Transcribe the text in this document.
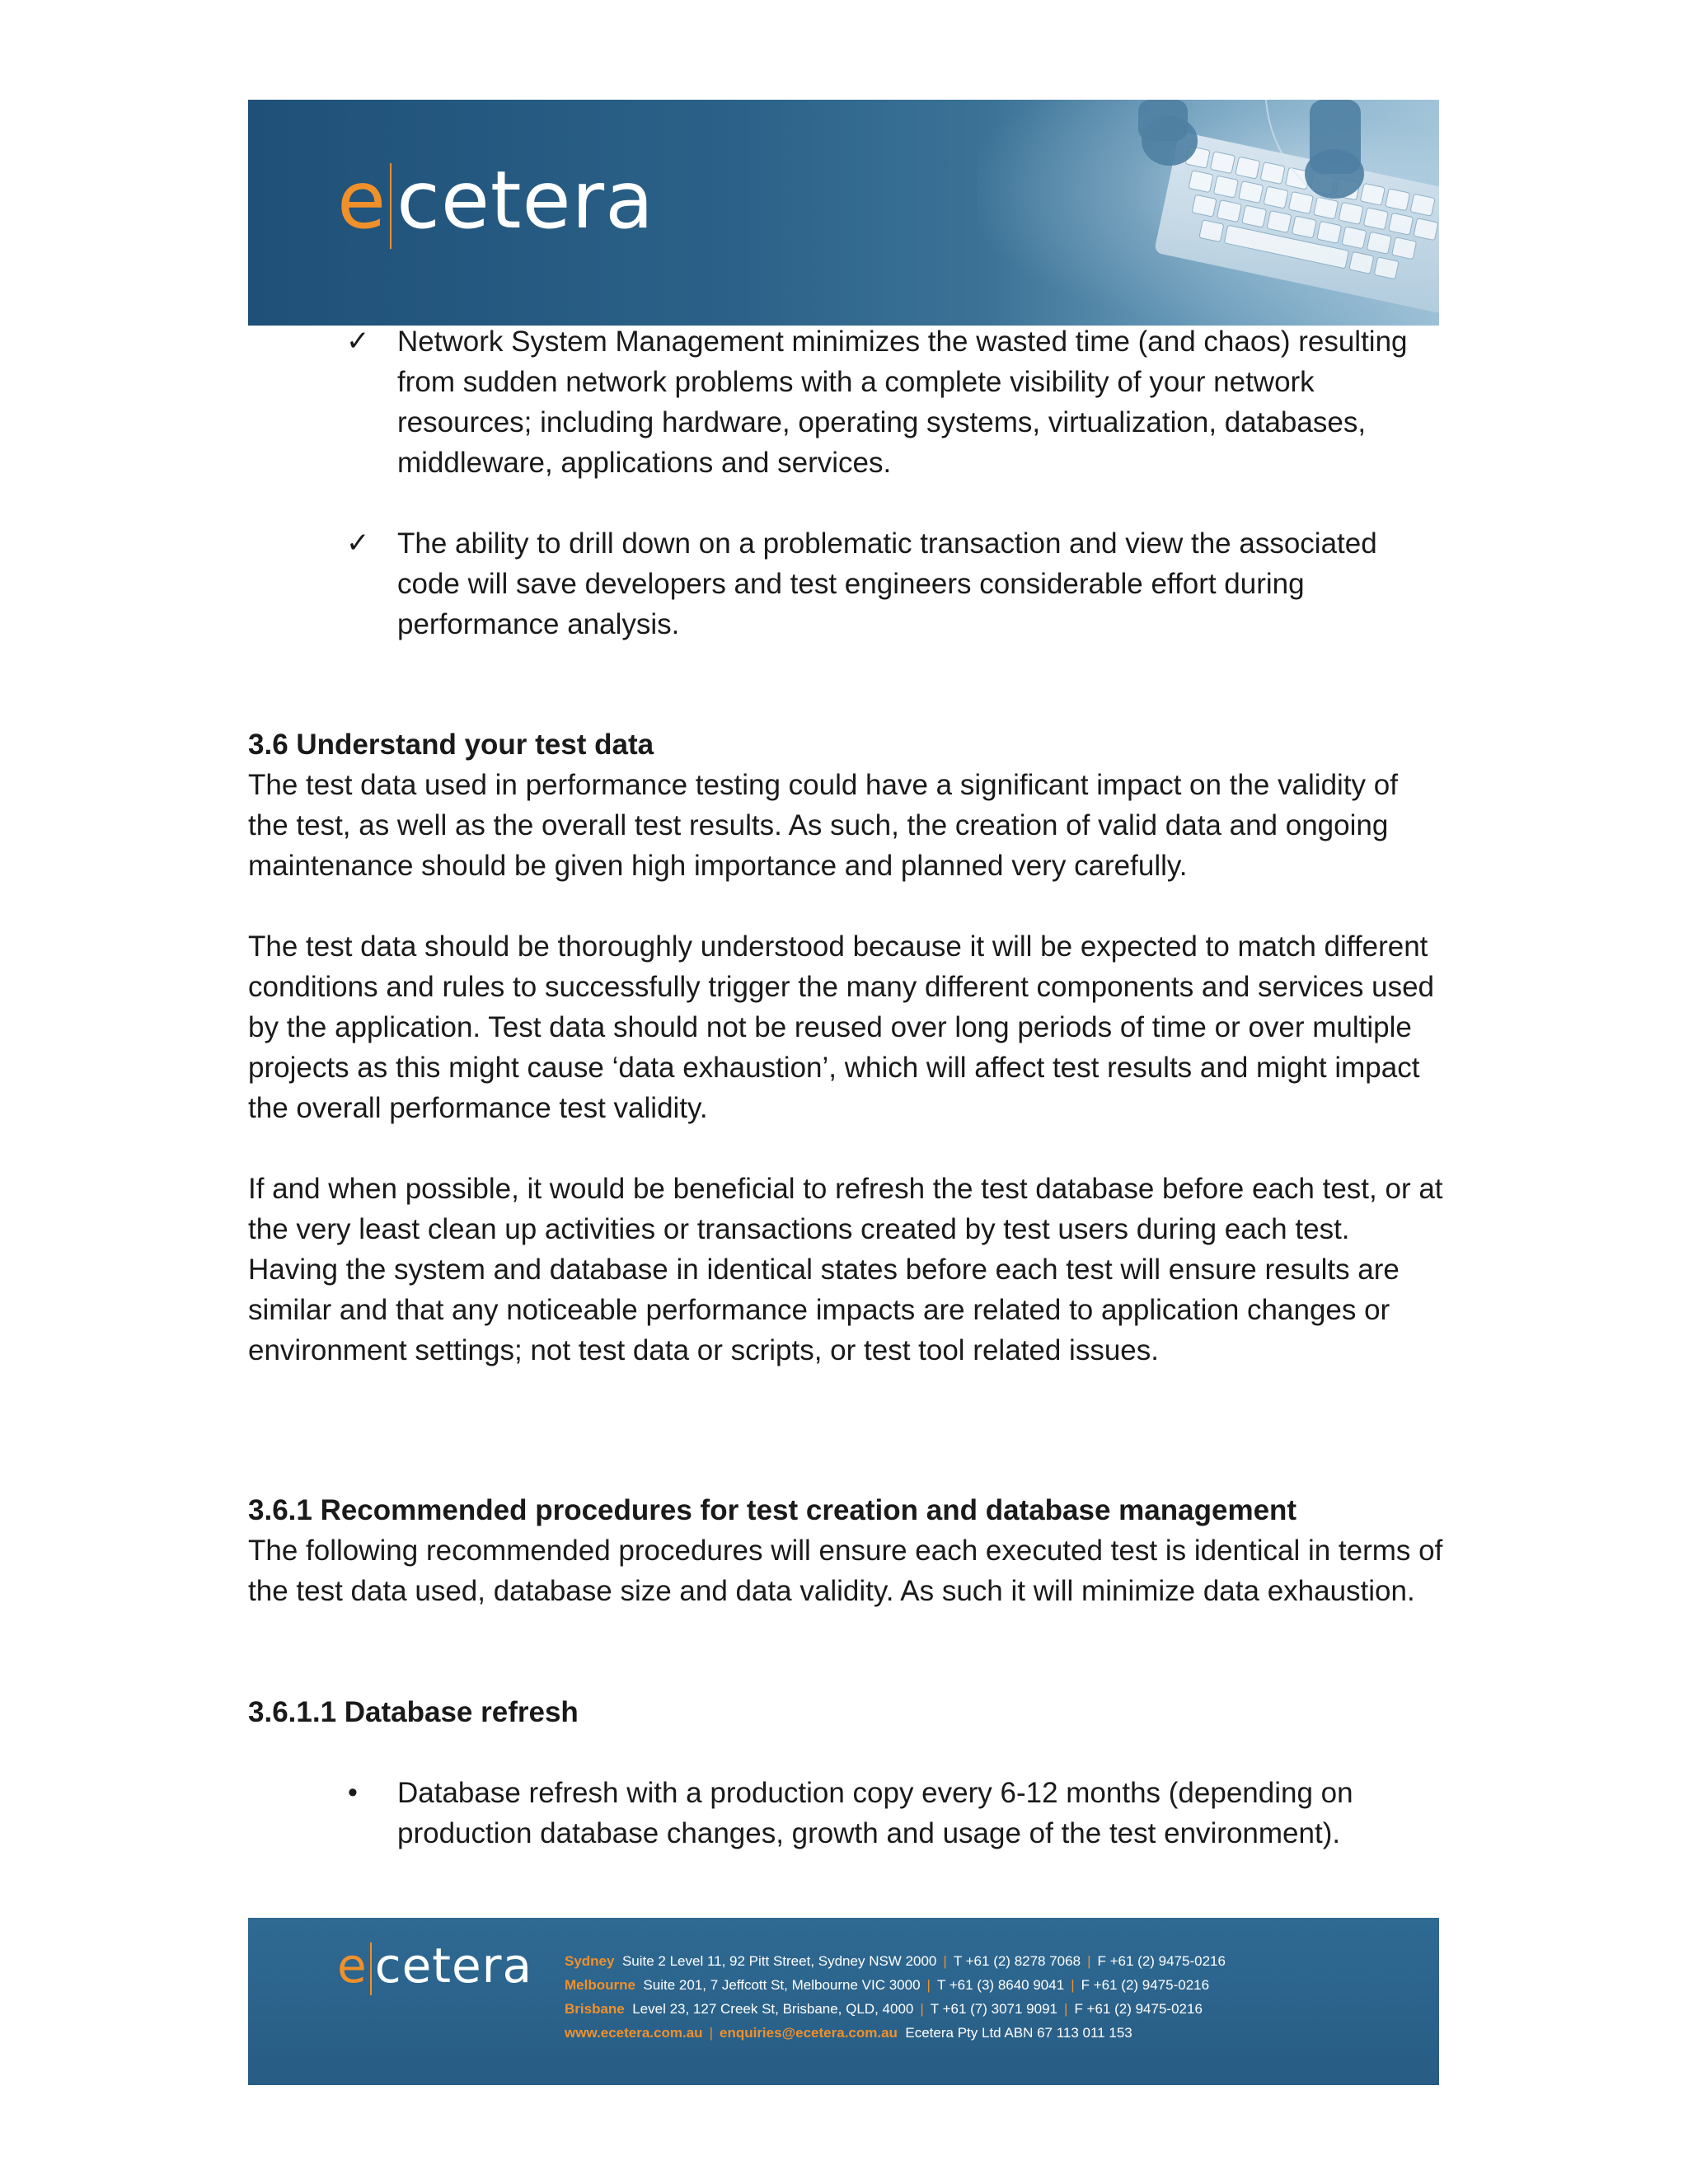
e cetera
✓ Network System Management minimizes the wasted time (and chaos) resulting from sudden network problems with a complete visibility of your network resources; including hardware, operating systems, virtualization, databases, middleware, applications and services.

✓ The ability to drill down on a problematic transaction and view the associated code will save developers and test engineers considerable effort during performance analysis.

3.6 Understand your test data

The test data used in performance testing could have a significant impact on the validity of the test, as well as the overall test results. As such, the creation of valid data and ongoing maintenance should be given high importance and planned very carefully.

The test data should be thoroughly understood because it will be expected to match different conditions and rules to successfully trigger the many different components and services used by the application. Test data should not be reused over long periods of time or over multiple projects as this might cause ‘data exhaustion’, which will affect test results and might impact the overall performance test validity.

If and when possible, it would be beneficial to refresh the test database before each test, or at the very least clean up activities or transactions created by test users during each test. Having the system and database in identical states before each test will ensure results are similar and that any noticeable performance impacts are related to application changes or environment settings; not test data or scripts, or test tool related issues.

3.6.1 Recommended procedures for test creation and database management

The following recommended procedures will ensure each executed test is identical in terms of the test data used, database size and data validity. As such it will minimize data exhaustion.

3.6.1.1 Database refresh

• Database refresh with a production copy every 6-12 months (depending on production database changes, growth and usage of the test environment).

e cetera Sydney Suite 2 Level 11, 92 Pitt Street, Sydney NSW 2000 | T +61 (2) 8278 7068 | F +61 (2) 9475-0216
Melbourne Suite 201, 7 Jeffcott St, Melbourne VIC 3000 | T +61 (3) 8640 9041 | F +61 (2) 9475-0216
Brisbane Level 23, 127 Creek St, Brisbane, QLD, 4000 | T +61 (7) 3071 9091 | F +61 (2) 9475-0216
www.ecetera.com.au | enquiries@ecetera.com.au Ecetera Pty Ltd ABN 67 113 011 153
